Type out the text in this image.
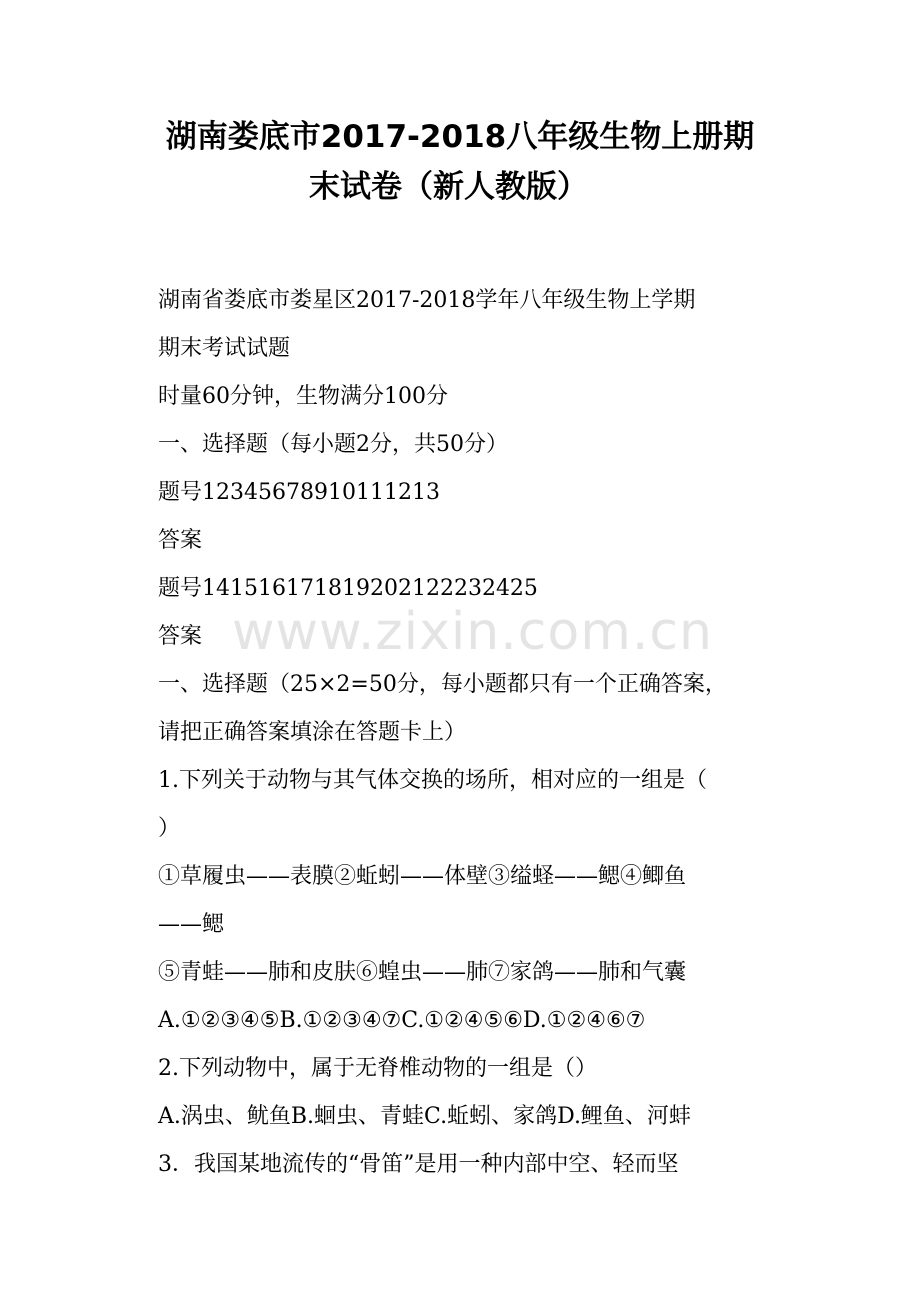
湖南娄底市2017-2018八年级生物上册期

末试卷（新人教版）
www.zixin.com.cn
湖南省娄底市娄星区2017-2018学年八年级生物上学期
期末考试试题
时量60分钟，生物满分100分
一、选择题（每小题2分，共50分）
题号12345678910111213
答案
题号141516171819202122232425
答案
一、选择题（25×2=50分，每小题都只有一个正确答案，
请把正确答案填涂在答题卡上）
1.下列关于动物与其气体交换的场所，相对应的一组是（
）
①草履虫——表膜②蚯蚓——体壁③缢蛏——鳃④鲫鱼
——鳃
⑤青蛙——肺和皮肤⑥蝗虫——肺⑦家鸽——肺和气囊
A.①②③④⑤B.①②③④⑦C.①②④⑤⑥D.①②④⑥⑦
2.下列动物中，属于无脊椎动物的一组是（）
A.涡虫、鱿鱼B.蛔虫、青蛙C.蚯蚓、家鸽D.鲤鱼、河蚌
3．我国某地流传的“骨笛”是用一种内部中空、轻而坚
